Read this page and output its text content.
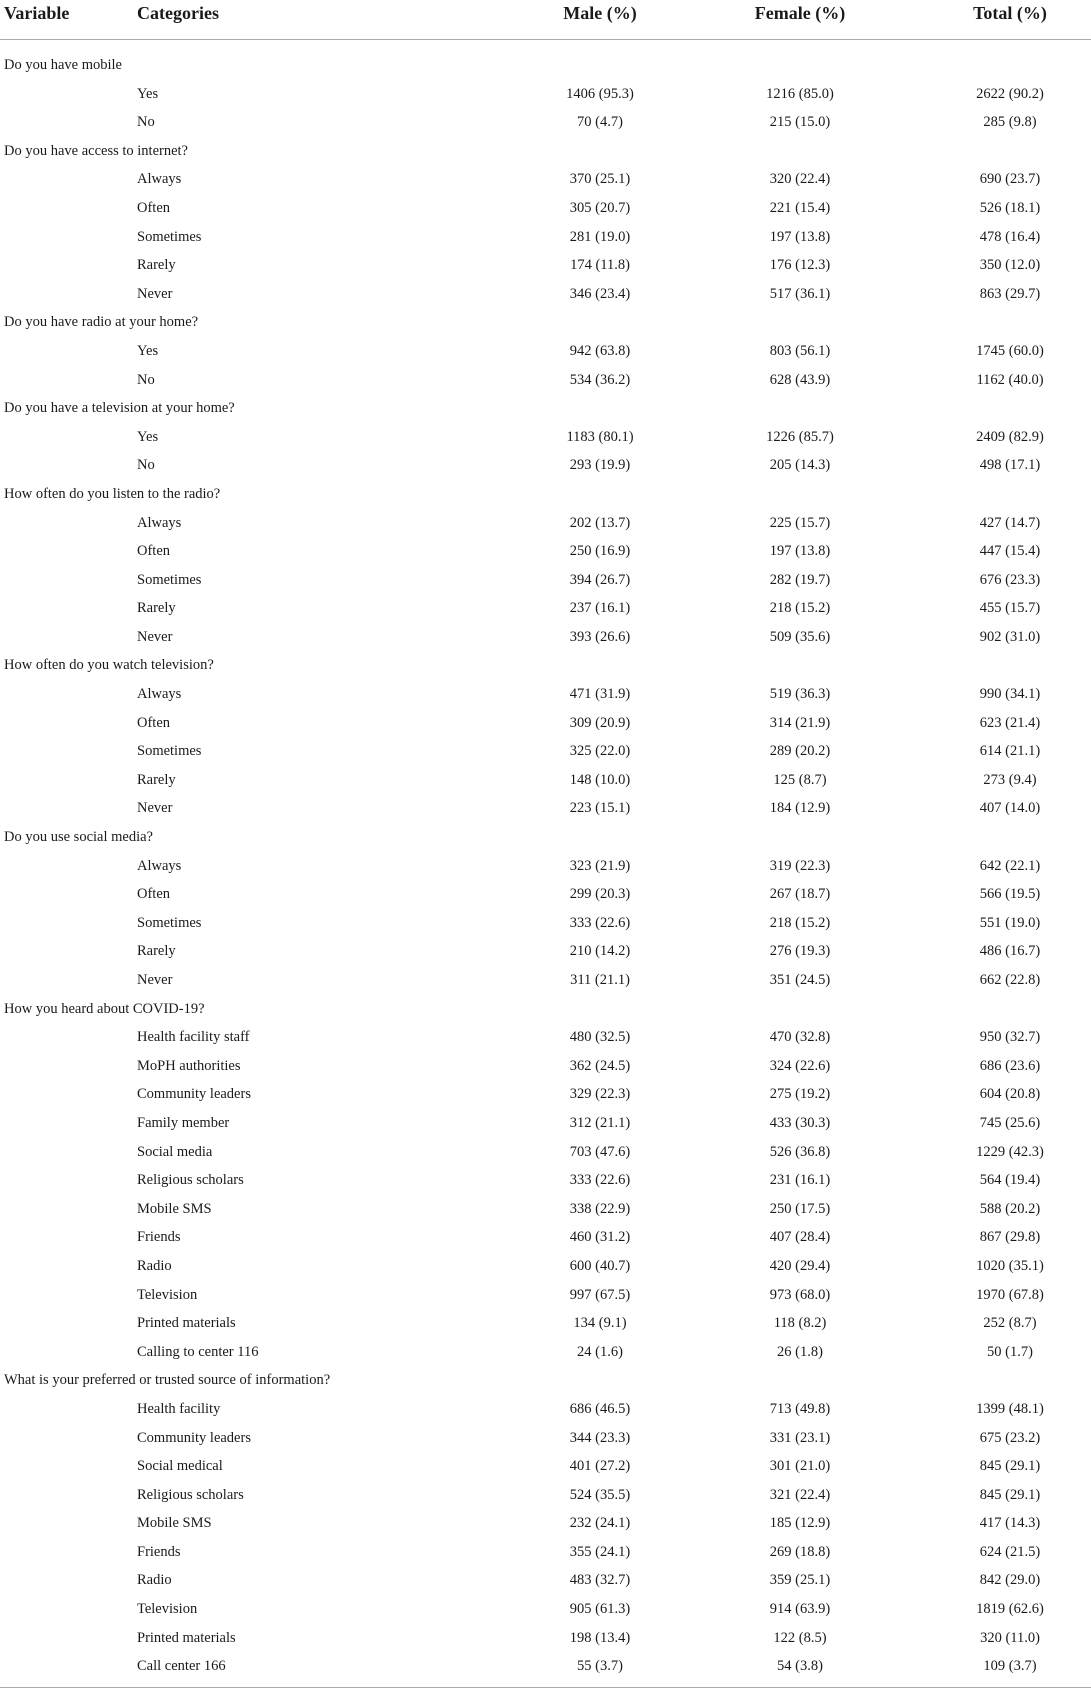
Variable	Categories	Male (%)	Female (%)	Total (%)
Do you have mobile
Yes	1406 (95.3)	1216 (85.0)	2622 (90.2)
No	70 (4.7)	215 (15.0)	285 (9.8)
Do you have access to internet?
Always	370 (25.1)	320 (22.4)	690 (23.7)
Often	305 (20.7)	221 (15.4)	526 (18.1)
Sometimes	281 (19.0)	197 (13.8)	478 (16.4)
Rarely	174 (11.8)	176 (12.3)	350 (12.0)
Never	346 (23.4)	517 (36.1)	863 (29.7)
Do you have radio at your home?
Yes	942 (63.8)	803 (56.1)	1745 (60.0)
No	534 (36.2)	628 (43.9)	1162 (40.0)
Do you have a television at your home?
Yes	1183 (80.1)	1226 (85.7)	2409 (82.9)
No	293 (19.9)	205 (14.3)	498 (17.1)
How often do you listen to the radio?
Always	202 (13.7)	225 (15.7)	427 (14.7)
Often	250 (16.9)	197 (13.8)	447 (15.4)
Sometimes	394 (26.7)	282 (19.7)	676 (23.3)
Rarely	237 (16.1)	218 (15.2)	455 (15.7)
Never	393 (26.6)	509 (35.6)	902 (31.0)
How often do you watch television?
Always	471 (31.9)	519 (36.3)	990 (34.1)
Often	309 (20.9)	314 (21.9)	623 (21.4)
Sometimes	325 (22.0)	289 (20.2)	614 (21.1)
Rarely	148 (10.0)	125 (8.7)	273 (9.4)
Never	223 (15.1)	184 (12.9)	407 (14.0)
Do you use social media?
Always	323 (21.9)	319 (22.3)	642 (22.1)
Often	299 (20.3)	267 (18.7)	566 (19.5)
Sometimes	333 (22.6)	218 (15.2)	551 (19.0)
Rarely	210 (14.2)	276 (19.3)	486 (16.7)
Never	311 (21.1)	351 (24.5)	662 (22.8)
How you heard about COVID-19?
Health facility staff	480 (32.5)	470 (32.8)	950 (32.7)
MoPH authorities	362 (24.5)	324 (22.6)	686 (23.6)
Community leaders	329 (22.3)	275 (19.2)	604 (20.8)
Family member	312 (21.1)	433 (30.3)	745 (25.6)
Social media	703 (47.6)	526 (36.8)	1229 (42.3)
Religious scholars	333 (22.6)	231 (16.1)	564 (19.4)
Mobile SMS	338 (22.9)	250 (17.5)	588 (20.2)
Friends	460 (31.2)	407 (28.4)	867 (29.8)
Radio	600 (40.7)	420 (29.4)	1020 (35.1)
Television	997 (67.5)	973 (68.0)	1970 (67.8)
Printed materials	134 (9.1)	118 (8.2)	252 (8.7)
Calling to center 116	24 (1.6)	26 (1.8)	50 (1.7)
What is your preferred or trusted source of information?
Health facility	686 (46.5)	713 (49.8)	1399 (48.1)
Community leaders	344 (23.3)	331 (23.1)	675 (23.2)
Social medical	401 (27.2)	301 (21.0)	845 (29.1)
Religious scholars	524 (35.5)	321 (22.4)	845 (29.1)
Mobile SMS	232 (24.1)	185 (12.9)	417 (14.3)
Friends	355 (24.1)	269 (18.8)	624 (21.5)
Radio	483 (32.7)	359 (25.1)	842 (29.0)
Television	905 (61.3)	914 (63.9)	1819 (62.6)
Printed materials	198 (13.4)	122 (8.5)	320 (11.0)
Call center 166	55 (3.7)	54 (3.8)	109 (3.7)
